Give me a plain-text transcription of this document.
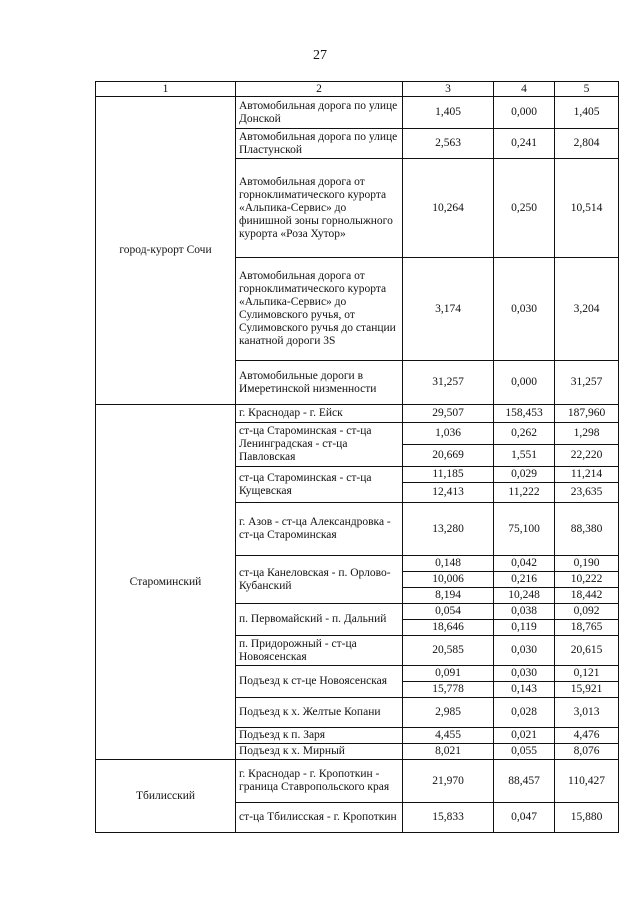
27
1	2	3	4	5
город-курорт Сочи	Автомобильная дорога по улице Донской	1,405	0,000	1,405
	Автомобильная дорога по улице Пластунской	2,563	0,241	2,804
	Автомобильная дорога от горноклиматического курорта «Альпика-Сервис» до финишной зоны горнолыжного курорта «Роза Хутор»	10,264	0,250	10,514
	Автомобильная дорога от горноклиматического курорта «Альпика-Сервис» до Сулимовского ручья, от Сулимовского ручья до станции канатной дороги 3S	3,174	0,030	3,204
	Автомобильные дороги в Имеретинской низменности	31,257	0,000	31,257
Староминский	г. Краснодар - г. Ейск	29,507	158,453	187,960
	ст-ца Староминская - ст-ца Ленинградская - ст-ца Павловская	1,036	0,262	1,298
		20,669	1,551	22,220
	ст-ца Староминская - ст-ца Кущевская	11,185	0,029	11,214
		12,413	11,222	23,635
	г. Азов - ст-ца Александровка - ст-ца Староминская	13,280	75,100	88,380
	ст-ца Канеловская - п. Орлово-Кубанский	0,148	0,042	0,190
		10,006	0,216	10,222
		8,194	10,248	18,442
	п. Первомайский - п. Дальний	0,054	0,038	0,092
		18,646	0,119	18,765
	п. Придорожный - ст-ца Новоясенская	20,585	0,030	20,615
	Подъезд к ст-це Новоясенская	0,091	0,030	0,121
		15,778	0,143	15,921
	Подъезд к х. Желтые Копани	2,985	0,028	3,013
	Подъезд к п. Заря	4,455	0,021	4,476
	Подъезд к х. Мирный	8,021	0,055	8,076
Тбилисский	г. Краснодар - г. Кропоткин - граница Ставропольского края	21,970	88,457	110,427
	ст-ца Тбилисская - г. Кропоткин	15,833	0,047	15,880
